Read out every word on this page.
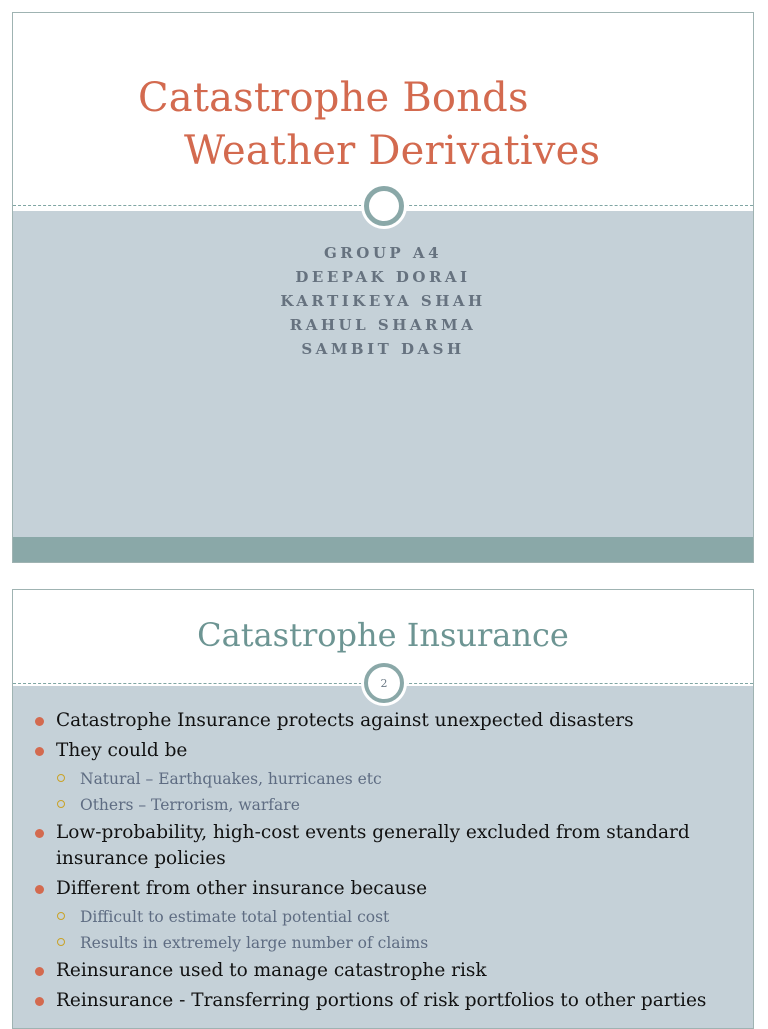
Catastrophe Bonds
Weather Derivatives
GROUP A4
DEEPAK DORAI
KARTIKEYA SHAH
RAHUL SHARMA
SAMBIT DASH
Catastrophe Insurance
2
Catastrophe Insurance protects against unexpected disasters
They could be
Natural – Earthquakes, hurricanes etc
Others – Terrorism, warfare
Low-probability, high-cost events generally excluded from standard insurance policies
Different from other insurance because
Difficult to estimate total potential cost
Results in extremely large number of claims
Reinsurance used to manage catastrophe risk
Reinsurance - Transferring portions of risk portfolios to other parties
